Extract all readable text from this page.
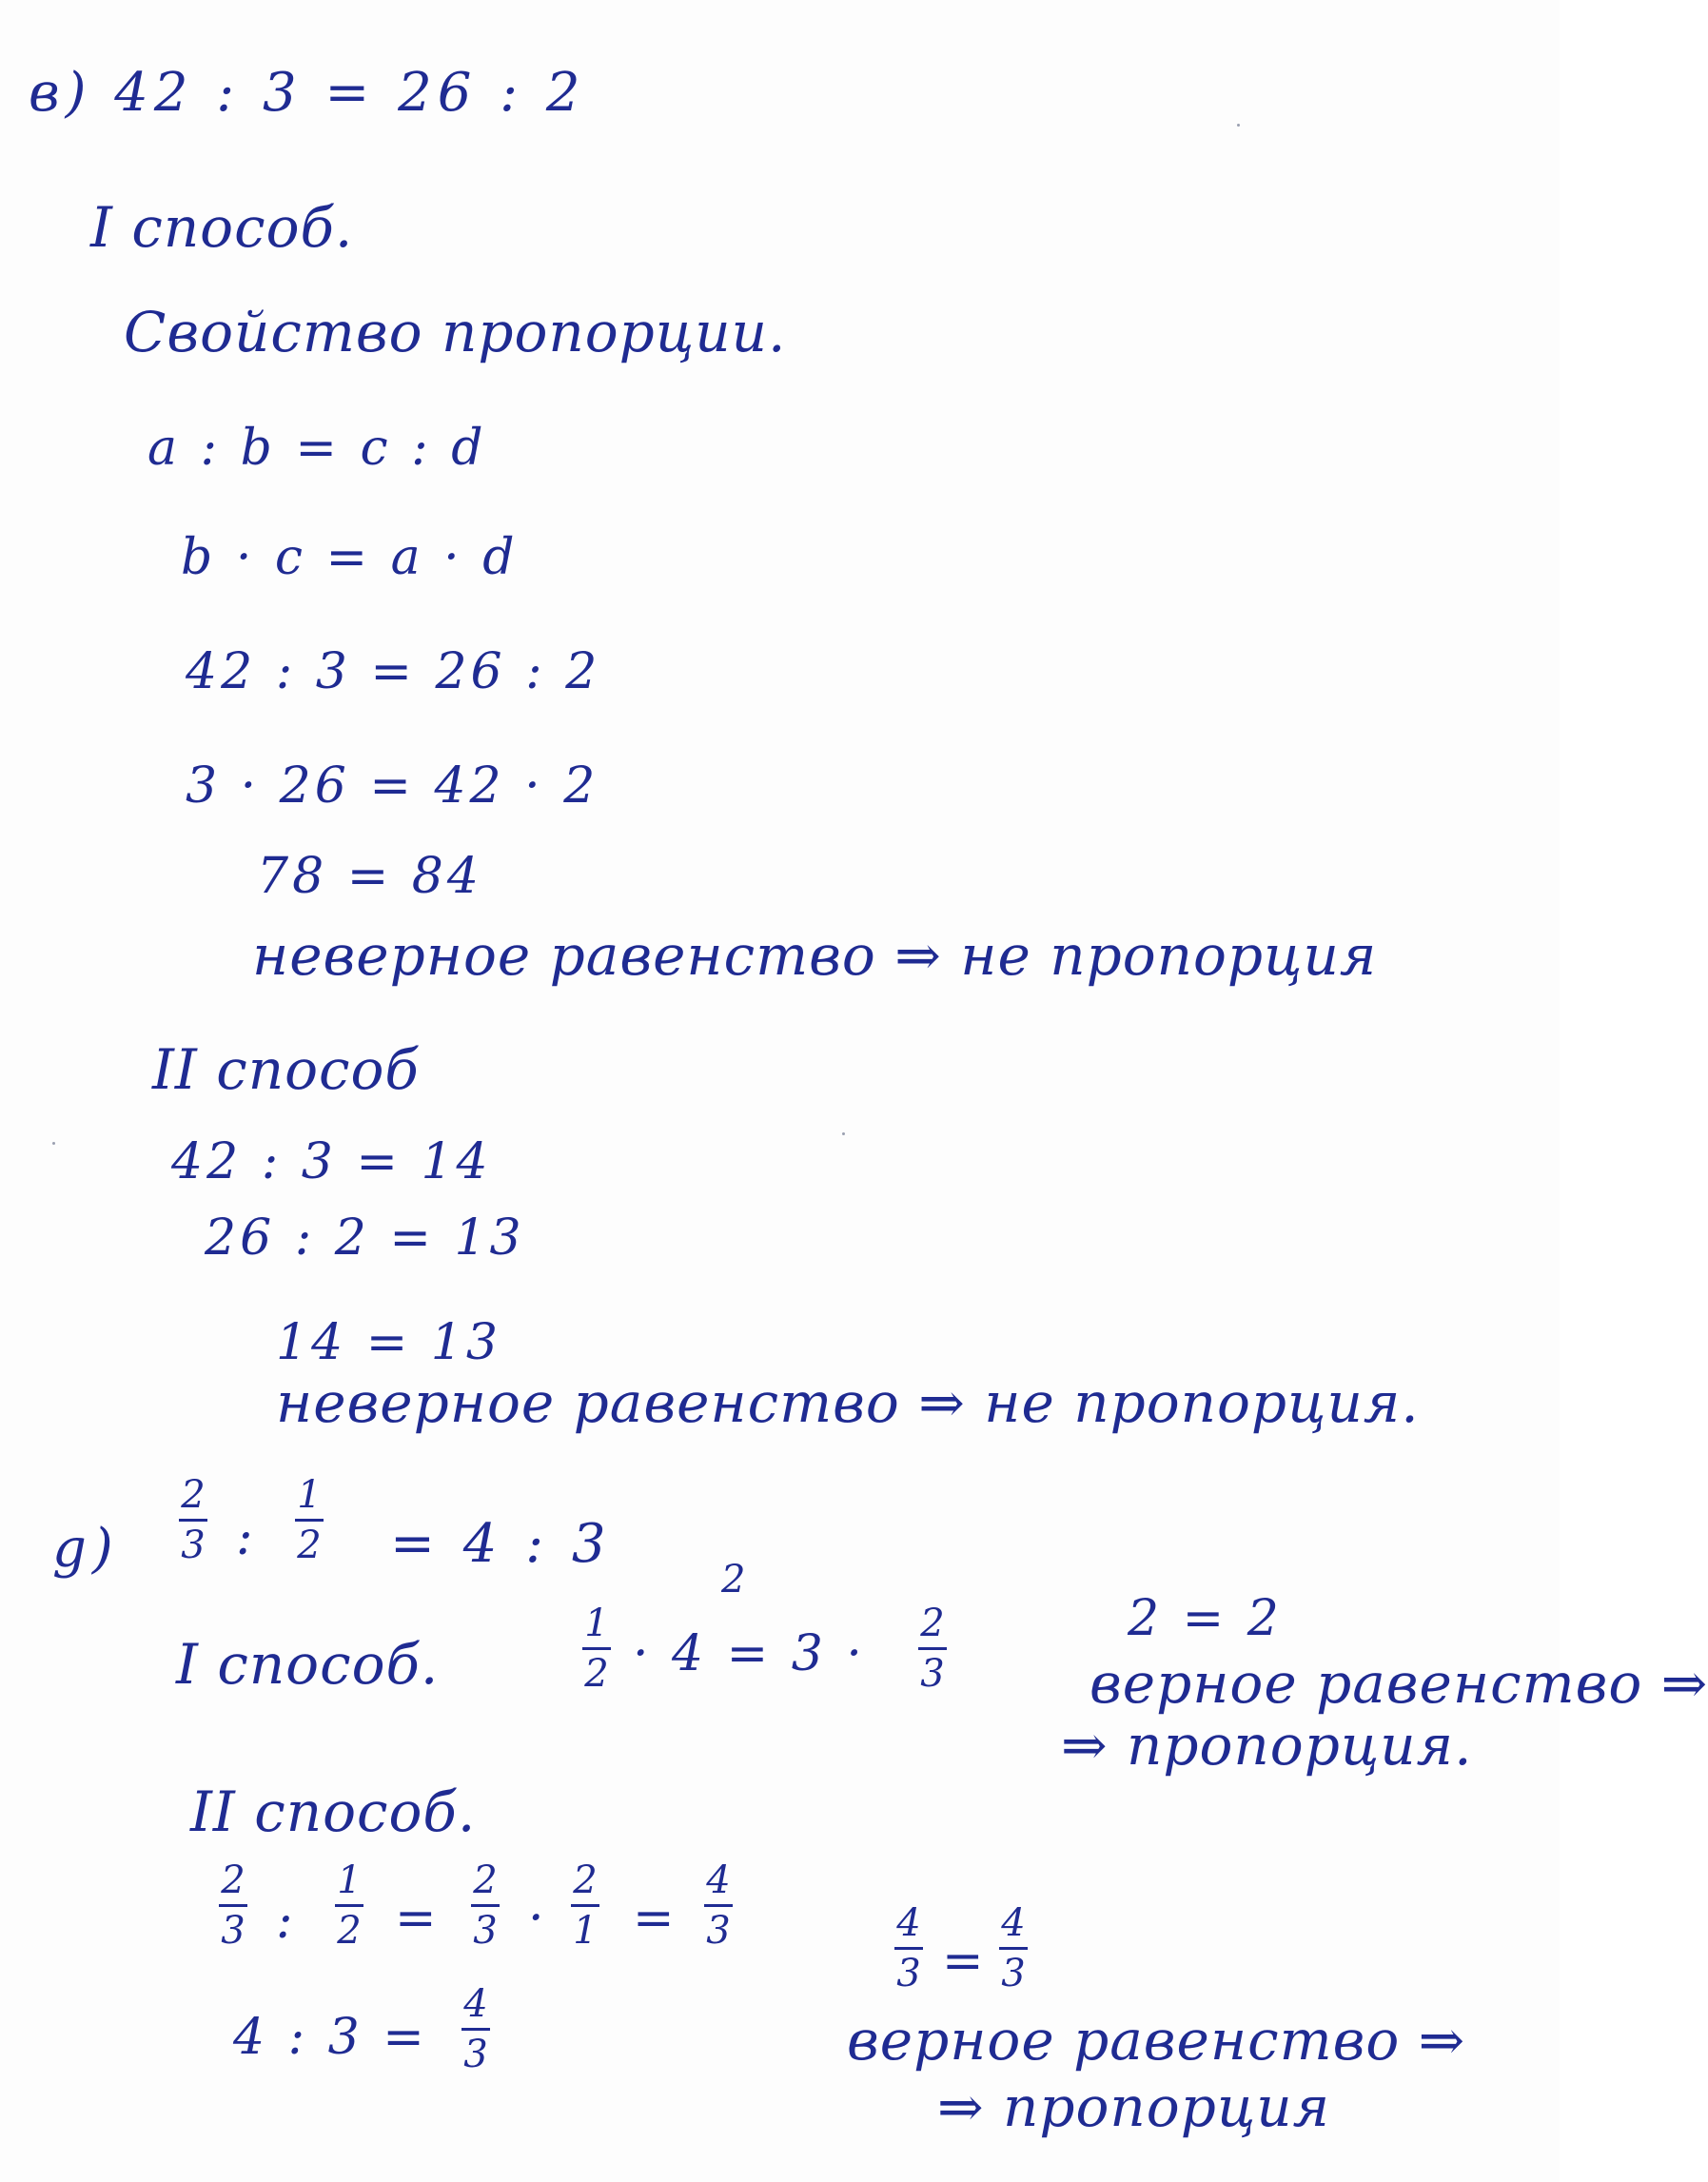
в) 42 : 3 = 26 : 2
I способ.
Свойство пропорции.
a : b = c : d
b · c = a · d
42 : 3 = 26 : 2
3 · 26 = 42 · 2
78 = 84
неверное равенство ⇒ не пропорция
II способ
42 : 3 = 14
26 : 2 = 13
14 = 13
неверное равенство ⇒ не пропорция.
g)
2
3 :
1
2 = 4 : 3
I способ.
1
2 · 4 = 3 ·
2
2
3
2 = 2
верное равенство ⇒
⇒ пропорция.
II способ.
2
3 :
1
2 =
2
3 ·
2
1 =
4
3
4 : 3 =
4
3
4
3 =
4
3
верное равенство ⇒
⇒ пропорция
